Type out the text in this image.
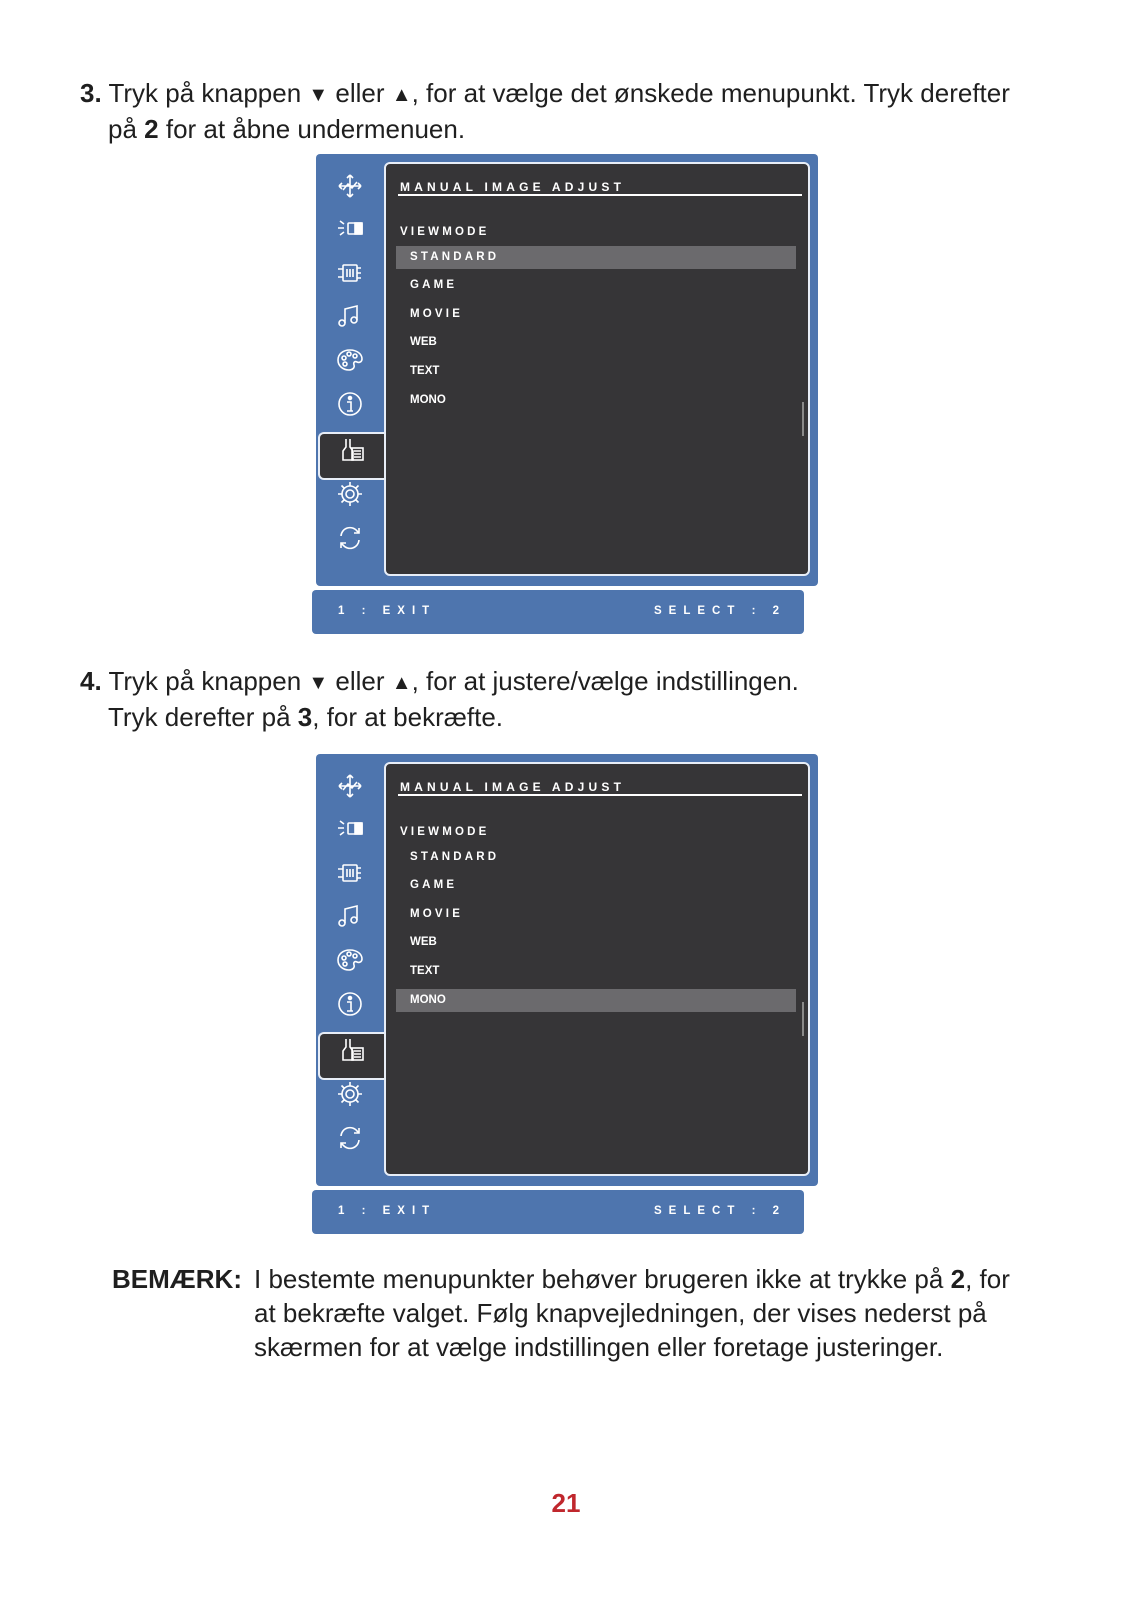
3. Tryk på knappen ▼ eller ▲, for at vælge det ønskede menupunkt. Tryk derefter
på 2 for at åbne undermenuen.
MANUAL IMAGE ADJUST
VIEWMODE
STANDARD
GAME
MOVIE
WEB
TEXT
MONO
1 : EXIT	SELECT : 2
4. Tryk på knappen ▼ eller ▲, for at justere/vælge indstillingen.
Tryk derefter på 3, for at bekræfte.
MANUAL IMAGE ADJUST
VIEWMODE
STANDARD
GAME
MOVIE
WEB
TEXT
MONO
1 : EXIT	SELECT : 2
BEMÆRK: I bestemte menupunkter behøver brugeren ikke at trykke på 2, for at bekræfte valget. Følg knapvejledningen, der vises nederst på skærmen for at vælge indstillingen eller foretage justeringer.
21
